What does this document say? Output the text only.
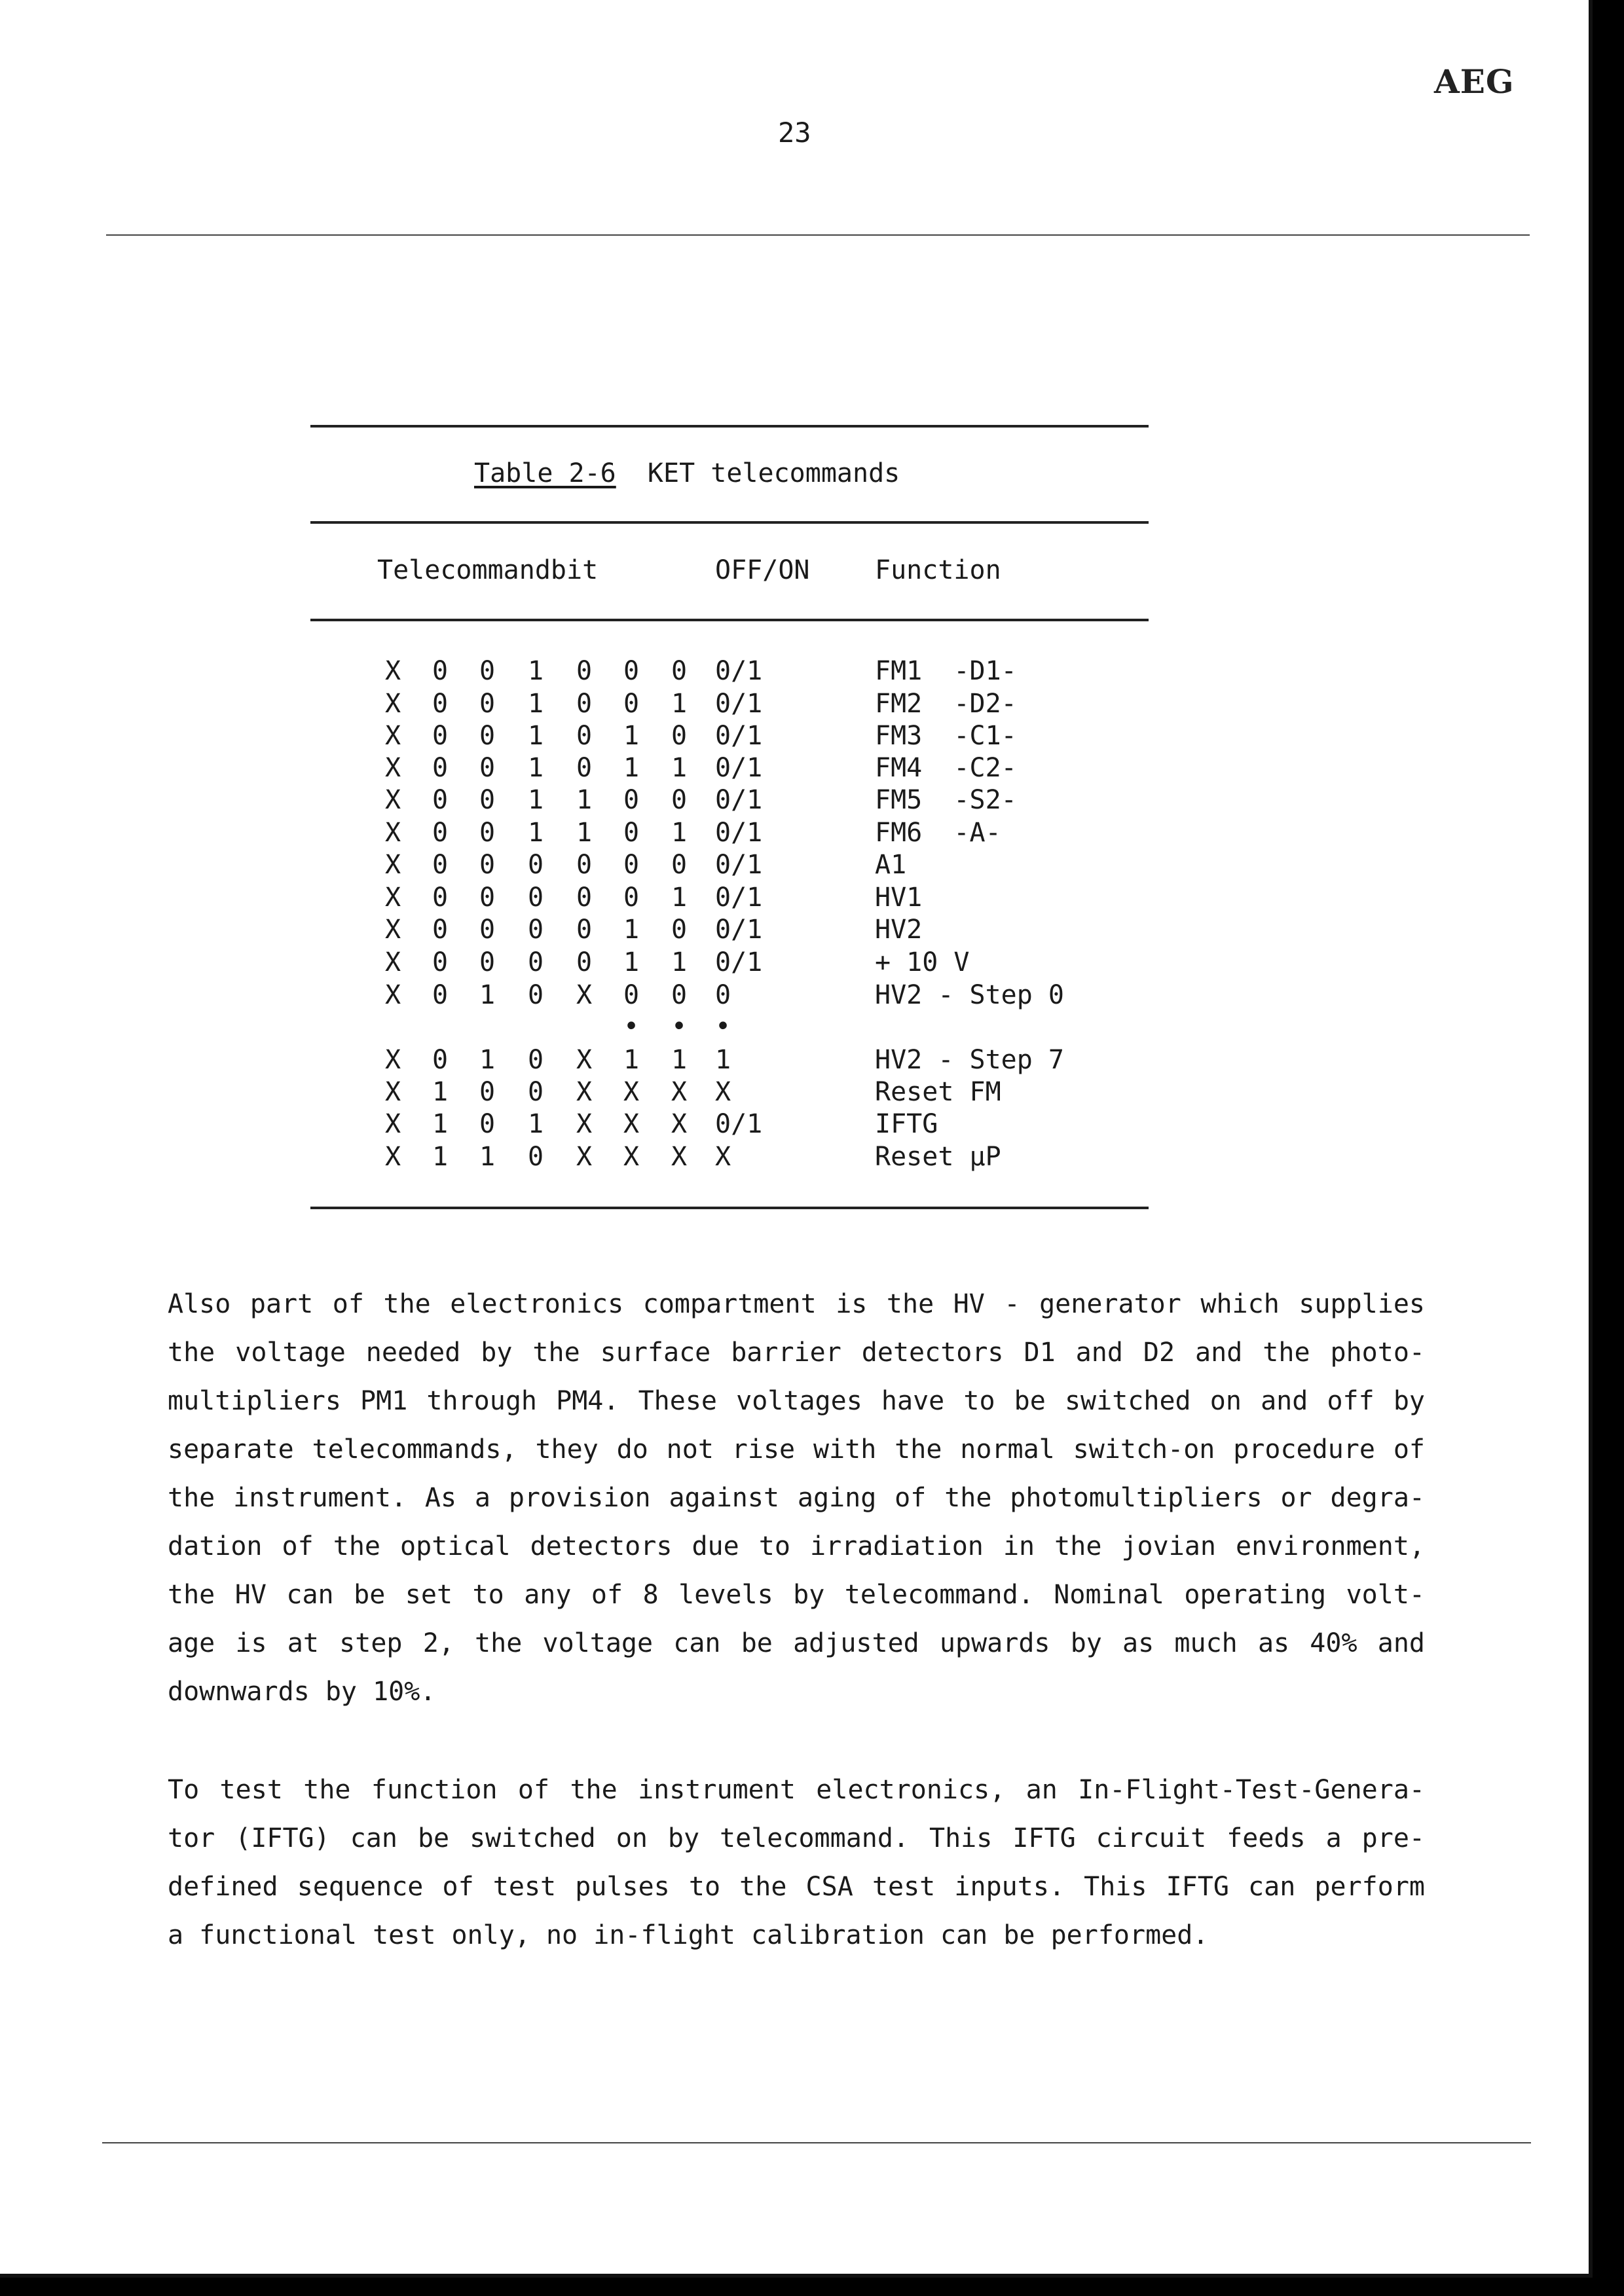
AEG
23
Table 2-6 KET telecommands
Telecommandbit	OFF/ON Function
X 0 0 1 0 0 0 0/1	FM1  -D1-
X 0 0 1 0 0 1 0/1	FM2  -D2-
X 0 0 1 0 1 0 0/1	FM3  -C1-
X 0 0 1 0 1 1 0/1	FM4  -C2-
X 0 0 1 1 0 0 0/1	FM5  -S2-
X 0 0 1 1 0 1 0/1	FM6  -A-
X 0 0 0 0 0 0 0/1	A1
X 0 0 0 0 0 1 0/1	HV1
X 0 0 0 0 1 0 0/1	HV2
X 0 0 0 0 1 1 0/1	+ 10 V
X 0 1 0 X 0 0 0	HV2 - Step 0
• • •
X 0 1 0 X 1 1 1	HV2 - Step 7
X 1 0 0 X X X X	Reset FM
X 1 0 1 X X X 0/1	IFTG
X 1 1 0 X X X X	Reset µP
Also part of the electronics compartment is the HV - generator which supplies
the voltage needed by the surface barrier detectors D1 and D2 and the photo-
multipliers PM1 through PM4. These voltages have to be switched on and off by
separate telecommands, they do not rise with the normal switch-on procedure of
the instrument. As a provision against aging of the photomultipliers or degra-
dation of the optical detectors due to irradiation in the jovian environment,
the HV can be set to any of 8 levels by telecommand. Nominal operating volt-
age is at step 2, the voltage can be adjusted upwards by as much as 40% and
downwards by 10%.
To test the function of the instrument electronics, an In-Flight-Test-Genera-
tor (IFTG) can be switched on by telecommand. This IFTG circuit feeds a pre-
defined sequence of test pulses to the CSA test inputs. This IFTG can perform
a functional test only, no in-flight calibration can be performed.
